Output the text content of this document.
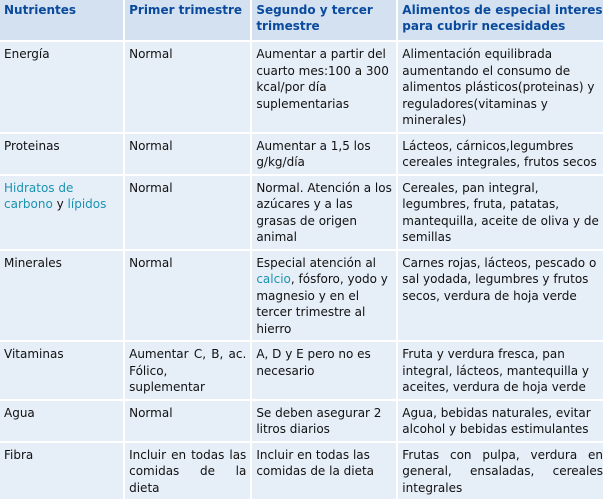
Nutrientes	Primer trimestre	Segundo y tercer trimestre	Alimentos de especial interes para cubrir necesidades
Energía	Normal	Aumentar a partir del cuarto mes:100 a 300 kcal/por día suplementarias	Alimentación equilibrada aumentando el consumo de alimentos plásticos(proteinas) y reguladores(vitaminas y minerales)
Proteinas	Normal	Aumentar a 1,5 los g/kg/día	Lácteos, cárnicos,legumbres cereales integrales, frutos secos
Hidratos de carbono y lípidos	Normal	Normal. Atención a los azúcares y a las grasas de origen animal	Cereales, pan integral, legumbres, fruta, patatas, mantequilla, aceite de oliva y de semillas
Minerales	Normal	Especial atención al calcio, fósforo, yodo y magnesio y en el tercer trimestre al hierro	Carnes rojas, lácteos, pescado o sal yodada, legumbres y frutos secos, verdura de hoja verde
Vitaminas	Aumentar C, B, ac. Fólico, suplementar	A, D y E pero no es necesario	Fruta y verdura fresca, pan integral, lácteos, mantequilla y aceites, verdura de hoja verde
Agua	Normal	Se deben asegurar 2 litros diarios	Agua, bebidas naturales, evitar alcohol y bebidas estimulantes
Fibra	Incluir en todas las comidas de la dieta	Incluir en todas las comidas de la dieta	Frutas con pulpa, verdura en general, ensaladas, cereales integrales
